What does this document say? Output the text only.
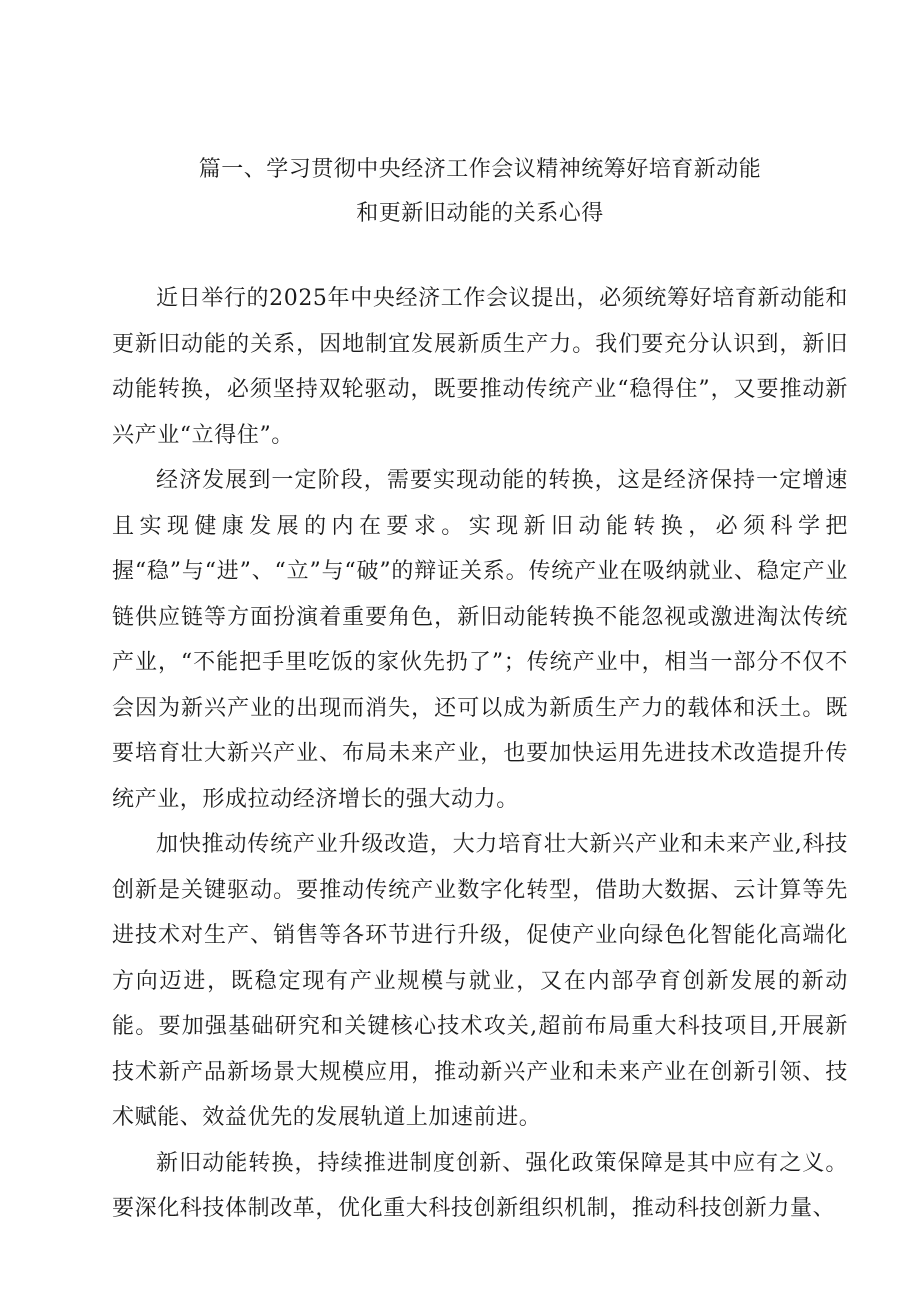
篇一、学习贯彻中央经济工作会议精神统筹好培育新动能
和更新旧动能的关系心得

近日举行的2025年中央经济工作会议提出，必须统筹好培育新动能和更新旧动能的关系，因地制宜发展新质生产力。我们要充分认识到，新旧动能转换，必须坚持双轮驱动，既要推动传统产业“稳得住”，又要推动新兴产业“立得住”。

经济发展到一定阶段，需要实现动能的转换，这是经济保持一定增速且实现健康发展的内在要求。实现新旧动能转换，必须科学把握“稳”与“进”、“立”与“破”的辩证关系。传统产业在吸纳就业、稳定产业链供应链等方面扮演着重要角色，新旧动能转换不能忽视或激进淘汰传统产业，“不能把手里吃饭的家伙先扔了”；传统产业中，相当一部分不仅不会因为新兴产业的出现而消失，还可以成为新质生产力的载体和沃土。既要培育壮大新兴产业、布局未来产业，也要加快运用先进技术改造提升传统产业，形成拉动经济增长的强大动力。

加快推动传统产业升级改造，大力培育壮大新兴产业和未来产业,科技创新是关键驱动。要推动传统产业数字化转型，借助大数据、云计算等先进技术对生产、销售等各环节进行升级，促使产业向绿色化智能化高端化方向迈进，既稳定现有产业规模与就业，又在内部孕育创新发展的新动能。要加强基础研究和关键核心技术攻关,超前布局重大科技项目,开展新技术新产品新场景大规模应用，推动新兴产业和未来产业在创新引领、技术赋能、效益优先的发展轨道上加速前进。

新旧动能转换，持续推进制度创新、强化政策保障是其中应有之义。要深化科技体制改革，优化重大科技创新组织机制，推动科技创新力量、
